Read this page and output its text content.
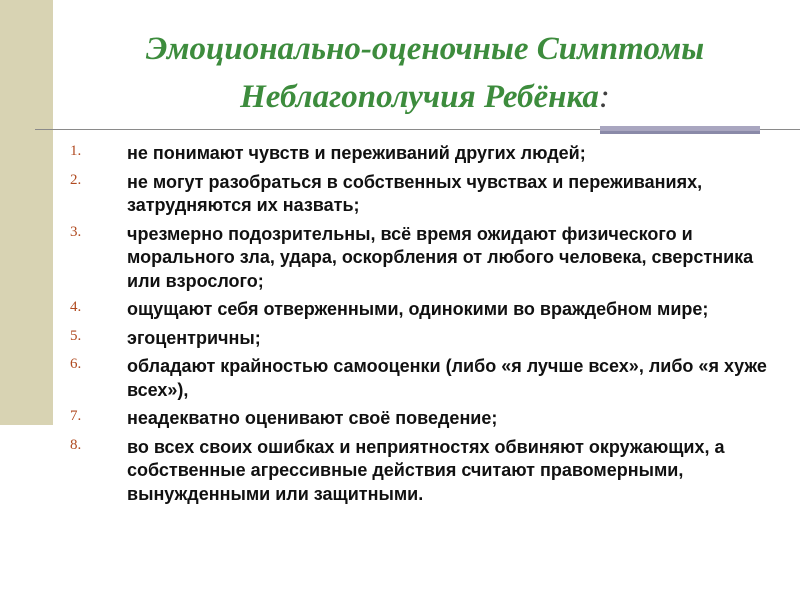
Эмоционально-оценочные Симптомы
Неблагополучия Ребёнка:
1.	не понимают чувств и переживаний других людей;
2.	не могут разобраться в собственных чувствах и переживаниях, затрудняются их назвать;
3.	чрезмерно подозрительны, всё время ожидают физического и морального зла, удара, оскорбления от любого человека, сверстника или взрослого;
4.	ощущают себя отверженными, одинокими во враждебном мире;
5.	эгоцентричны;
6.	обладают крайностью самооценки (либо «я лучше всех», либо «я хуже всех»),
7.	неадекватно оценивают своё поведение;
8.	во всех своих ошибках и неприятностях обвиняют окружающих, а собственные агрессивные действия считают правомерными, вынужденными или защитными.
